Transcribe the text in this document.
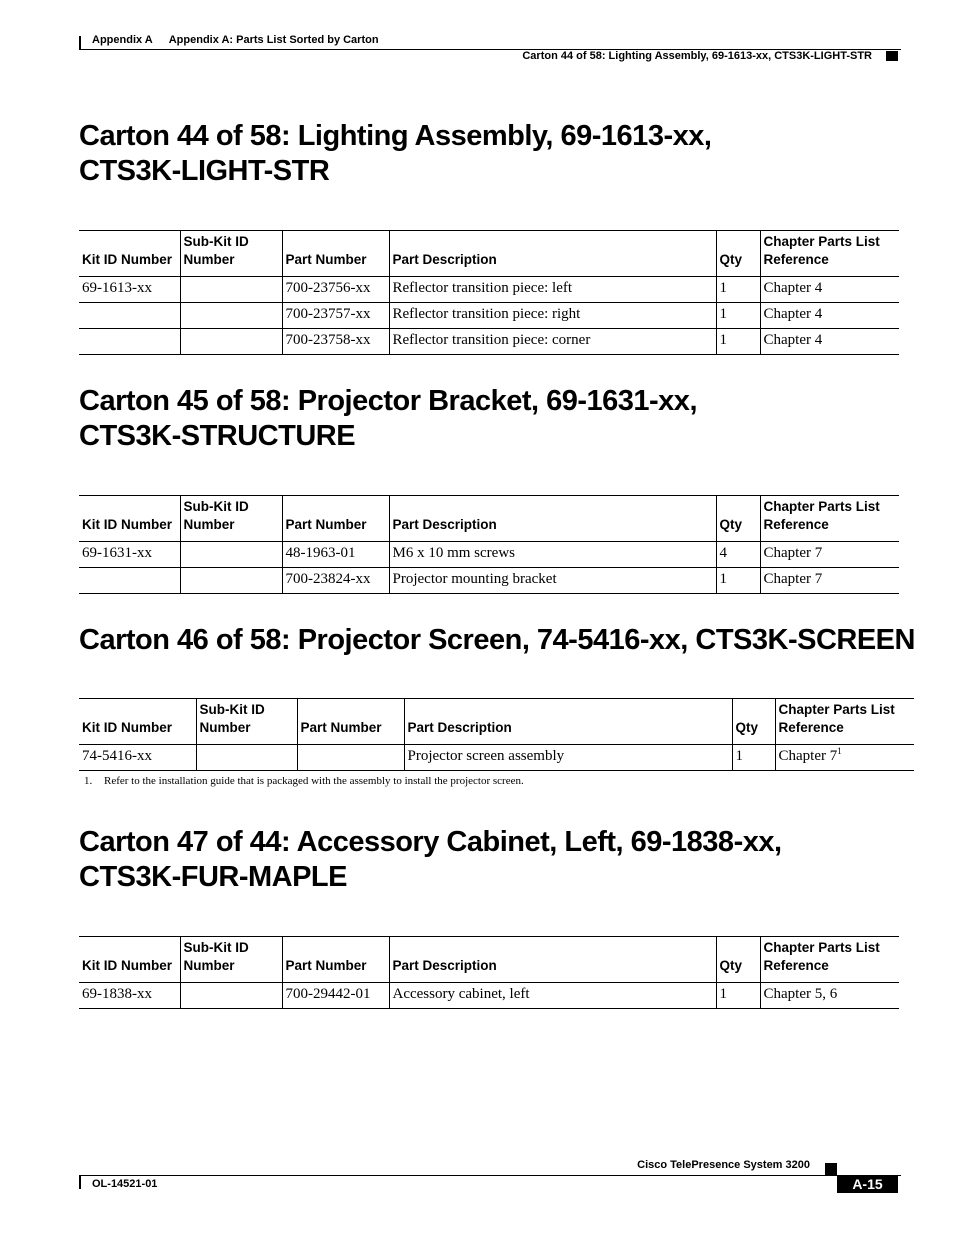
Appendix A Appendix A: Parts List Sorted by Carton
Carton 44 of 58: Lighting Assembly, 69-1613-xx, CTS3K-LIGHT-STR
Carton 44 of 58: Lighting Assembly, 69-1613-xx,
CTS3K-LIGHT-STR
Kit ID Number	Sub-Kit ID
Number	Part Number	Part Description	Qty	Chapter Parts List
Reference
69-1613-xx		700-23756-xx	Reflector transition piece: left	1	Chapter 4
		700-23757-xx	Reflector transition piece: right	1	Chapter 4
		700-23758-xx	Reflector transition piece: corner	1	Chapter 4
Carton 45 of 58: Projector Bracket, 69-1631-xx,
CTS3K-STRUCTURE
Kit ID Number	Sub-Kit ID
Number	Part Number	Part Description	Qty	Chapter Parts List
Reference
69-1631-xx		48-1963-01	M6 x 10 mm screws	4	Chapter 7
		700-23824-xx	Projector mounting bracket	1	Chapter 7
Carton 46 of 58: Projector Screen, 74-5416-xx, CTS3K-SCREEN
Kit ID Number	Sub-Kit ID
Number	Part Number	Part Description	Qty	Chapter Parts List
Reference
74-5416-xx			Projector screen assembly	1	Chapter $7^1$
1. Refer to the installation guide that is packaged with the assembly to install the projector screen.
Carton 47 of 44: Accessory Cabinet, Left, 69-1838-xx,
CTS3K-FUR-MAPLE
Kit ID Number	Sub-Kit ID
Number	Part Number	Part Description	Qty	Chapter Parts List
Reference
69-1838-xx		700-29442-01	Accessory cabinet, left	1	Chapter 5, 6
Cisco TelePresence System 3200
OL-14521-01	A-15
